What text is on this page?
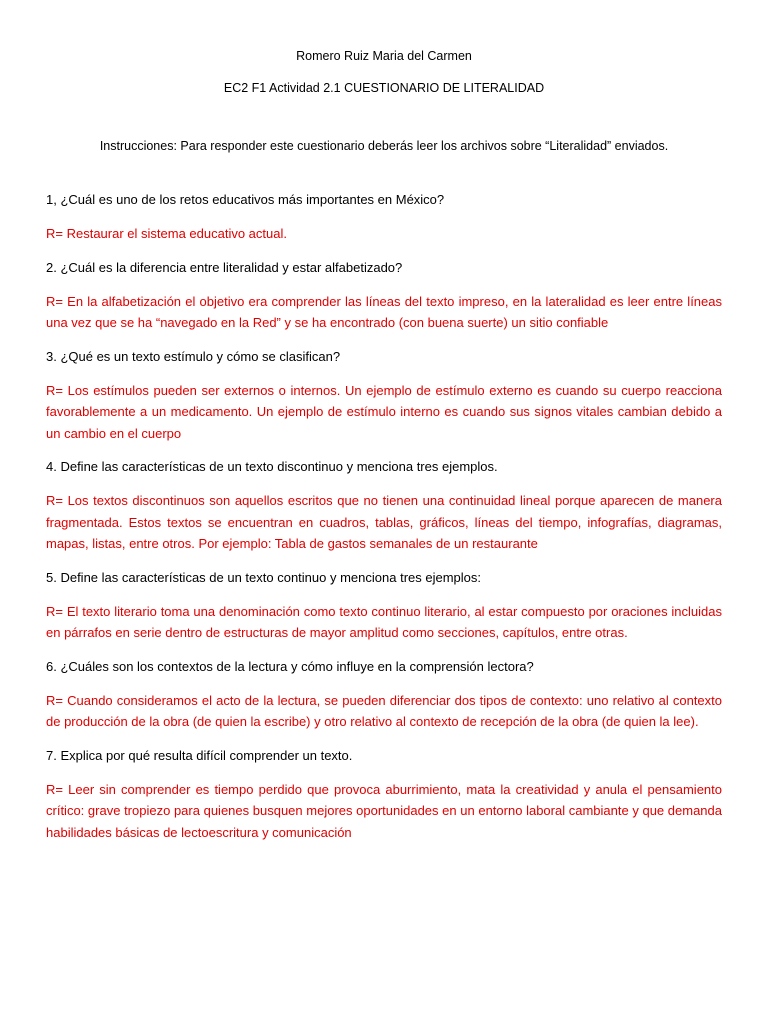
Romero Ruiz Maria del Carmen
EC2 F1 Actividad 2.1 CUESTIONARIO DE LITERALIDAD
Instrucciones: Para responder este cuestionario deberás leer los archivos sobre “Literalidad” enviados.

1, ¿Cuál es uno de los retos educativos más importantes en México?

R= Restaurar el sistema educativo actual.

2. ¿Cuál es la diferencia entre literalidad y estar alfabetizado?

R= En la alfabetización el objetivo era comprender las líneas del texto impreso, en la lateralidad es leer entre líneas una vez que se ha “navegado en la Red” y se ha encontrado (con buena suerte) un sitio confiable

3. ¿Qué es un texto estímulo y cómo se clasifican?

R= Los estímulos pueden ser externos o internos. Un ejemplo de estímulo externo es cuando su cuerpo reacciona favorablemente a un medicamento. Un ejemplo de estímulo interno es cuando sus signos vitales cambian debido a un cambio en el cuerpo

4. Define las características de un texto discontinuo y menciona tres ejemplos.

R= Los textos discontinuos son aquellos escritos que no tienen una continuidad lineal porque aparecen de manera fragmentada. Estos textos se encuentran en cuadros, tablas, gráficos, líneas del tiempo, infografías, diagramas, mapas, listas, entre otros. Por ejemplo: Tabla de gastos semanales de un restaurante

5. Define las características de un texto continuo y menciona tres ejemplos:

R= El texto literario toma una denominación como texto continuo literario, al estar compuesto por oraciones incluidas en párrafos en serie dentro de estructuras de mayor amplitud como secciones, capítulos, entre otras.

6. ¿Cuáles son los contextos de la lectura y cómo influye en la comprensión lectora?

R= Cuando consideramos el acto de la lectura, se pueden diferenciar dos tipos de contexto: uno relativo al contexto de producción de la obra (de quien la escribe) y otro relativo al contexto de recepción de la obra (de quien la lee).

7. Explica por qué resulta difícil comprender un texto.

R= Leer sin comprender es tiempo perdido que provoca aburrimiento, mata la creatividad y anula el pensamiento crítico: grave tropiezo para quienes busquen mejores oportunidades en un entorno laboral cambiante y que demanda habilidades básicas de lectoescritura y comunicación
